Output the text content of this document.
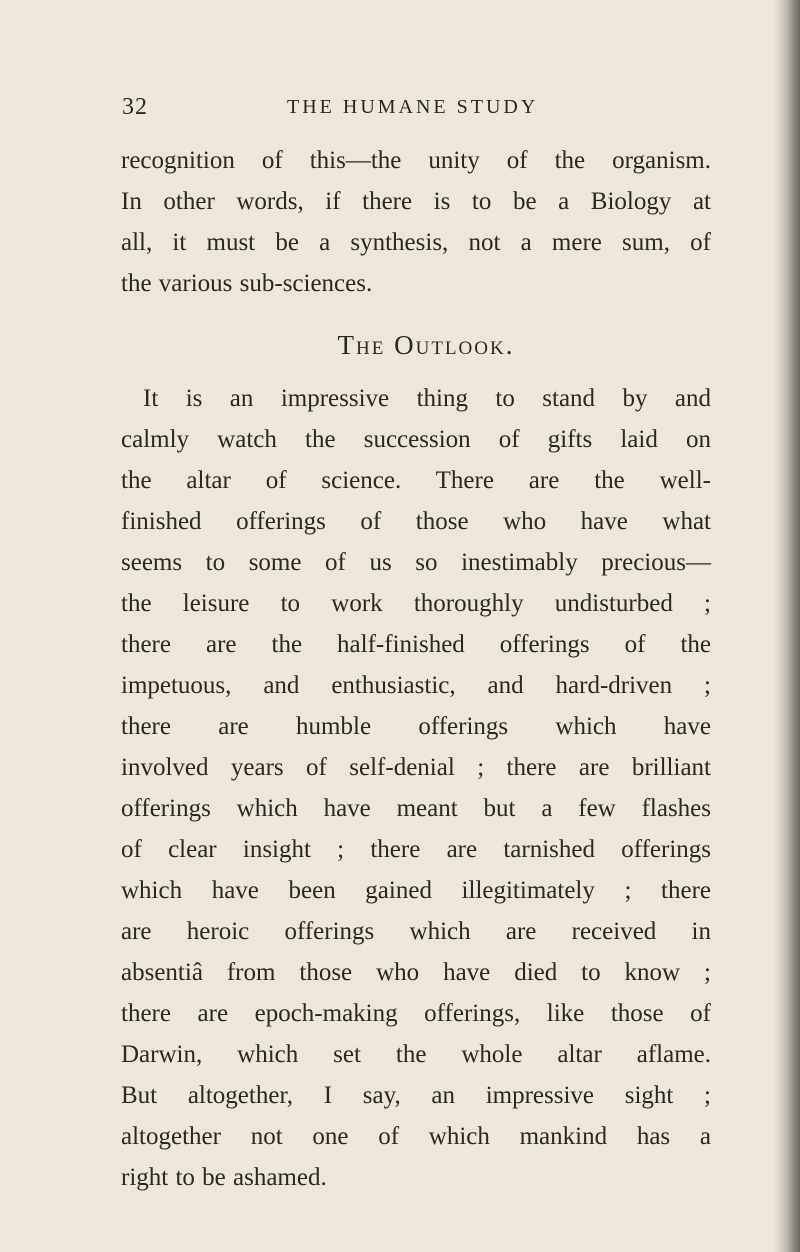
32	THE HUMANE STUDY
recognition of this—the unity of the organism.
In other words, if there is to be a Biology at
all, it must be a synthesis, not a mere sum, of
the various sub-sciences.
The Outlook.
It is an impressive thing to stand by and
calmly watch the succession of gifts laid on
the altar of science. There are the well-
finished offerings of those who have what
seems to some of us so inestimably precious—
the leisure to work thoroughly undisturbed ;
there are the half-finished offerings of the
impetuous, and enthusiastic, and hard-driven ;
there are humble offerings which have
involved years of self-denial ; there are brilliant
offerings which have meant but a few flashes
of clear insight ; there are tarnished offerings
which have been gained illegitimately ; there
are heroic offerings which are received in
absentiâ from those who have died to know ;
there are epoch-making offerings, like those of
Darwin, which set the whole altar aflame.
But altogether, I say, an impressive sight ;
altogether not one of which mankind has a
right to be ashamed.
